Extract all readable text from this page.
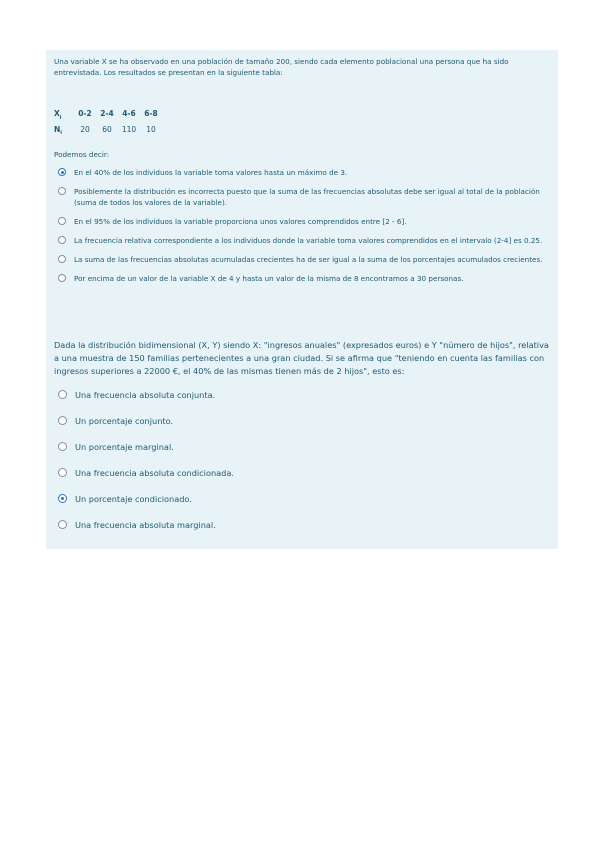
Una variable X se ha observado en una población de tamaño 200, siendo cada elemento poblacional una persona que ha sido entrevistada. Los resultados se presentan en la siguiente tabla:
Xi	0-2	2-4	4-6	6-8
Ni	20	60	110	10
Podemos decir:
En el 40% de los individuos la variable toma valores hasta un máximo de 3.
Posiblemente la distribución es incorrecta puesto que la suma de las frecuencias absolutas debe ser igual al total de la población (suma de todos los valores de la variable).
En el 95% de los individuos la variable proporciona unos valores comprendidos entre [2 - 6].
La frecuencia relativa correspondiente a los individuos donde la variable toma valores comprendidos en el intervalo (2-4] es 0.25.
La suma de las frecuencias absolutas acumuladas crecientes ha de ser igual a la suma de los porcentajes acumulados crecientes.
Por encima de un valor de la variable X de 4 y hasta un valor de la misma de 8 encontramos a 30 personas.
Dada la distribución bidimensional (X, Y) siendo X: "ingresos anuales" (expresados euros) e Y "número de hijos", relativa a una muestra de 150 familias pertenecientes a una gran ciudad. Si se afirma que "teniendo en cuenta las familias con ingresos superiores a 22000 €, el 40% de las mismas tienen más de 2 hijos", esto es:
Una frecuencia absoluta conjunta.
Un porcentaje conjunto.
Un porcentaje marginal.
Una frecuencia absoluta condicionada.
Un porcentaje condicionado.
Una frecuencia absoluta marginal.
